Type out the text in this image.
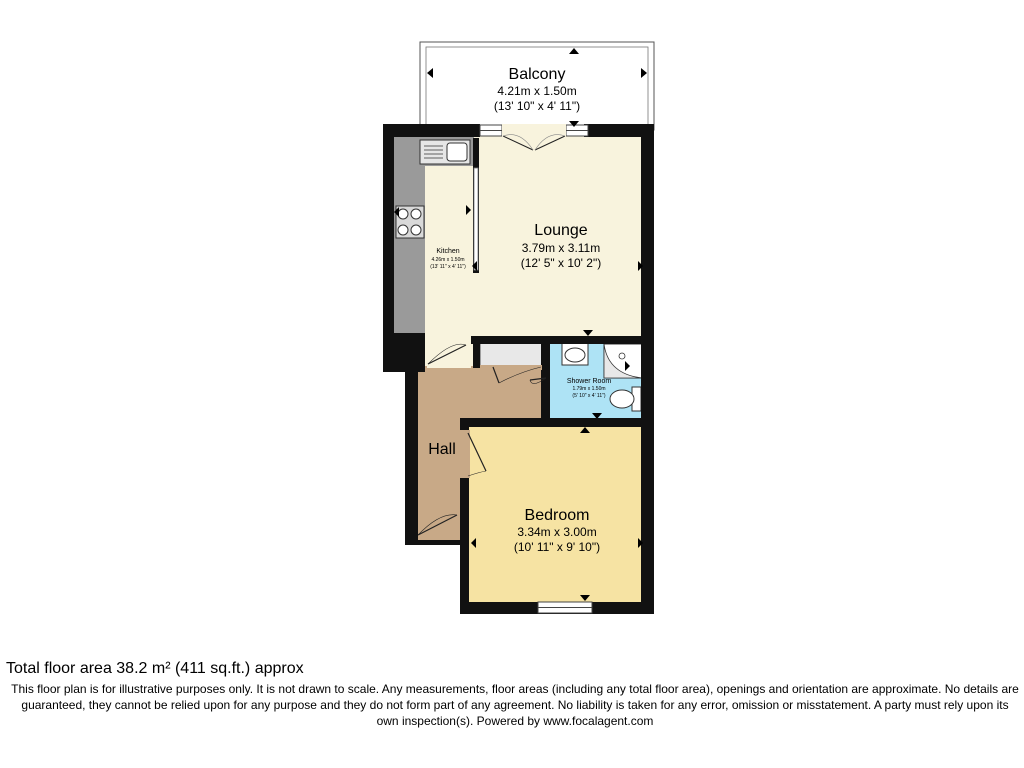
Balcony
4.21m x 1.50m
(13' 10" x 4' 11")
Lounge
3.79m x 3.11m
(12' 5" x 10' 2")
Kitchen
4.26m x 1.50m
(13' 11" x 4' 11")
Shower Room
1.79m x 1.50m
(5' 10" x 4' 11")
Hall
Bedroom
3.34m x 3.00m
(10' 11" x 9' 10")
Total floor area 38.2 m² (411 sq.ft.) approx
This floor plan is for illustrative purposes only. It is not drawn to scale. Any measurements, floor areas (including any total floor area), openings and orientation are approximate. No details are guaranteed, they cannot be relied upon for any purpose and they do not form part of any agreement. No liability is taken for any error, omission or misstatement. A party must rely upon its own inspection(s). Powered by www.focalagent.com
